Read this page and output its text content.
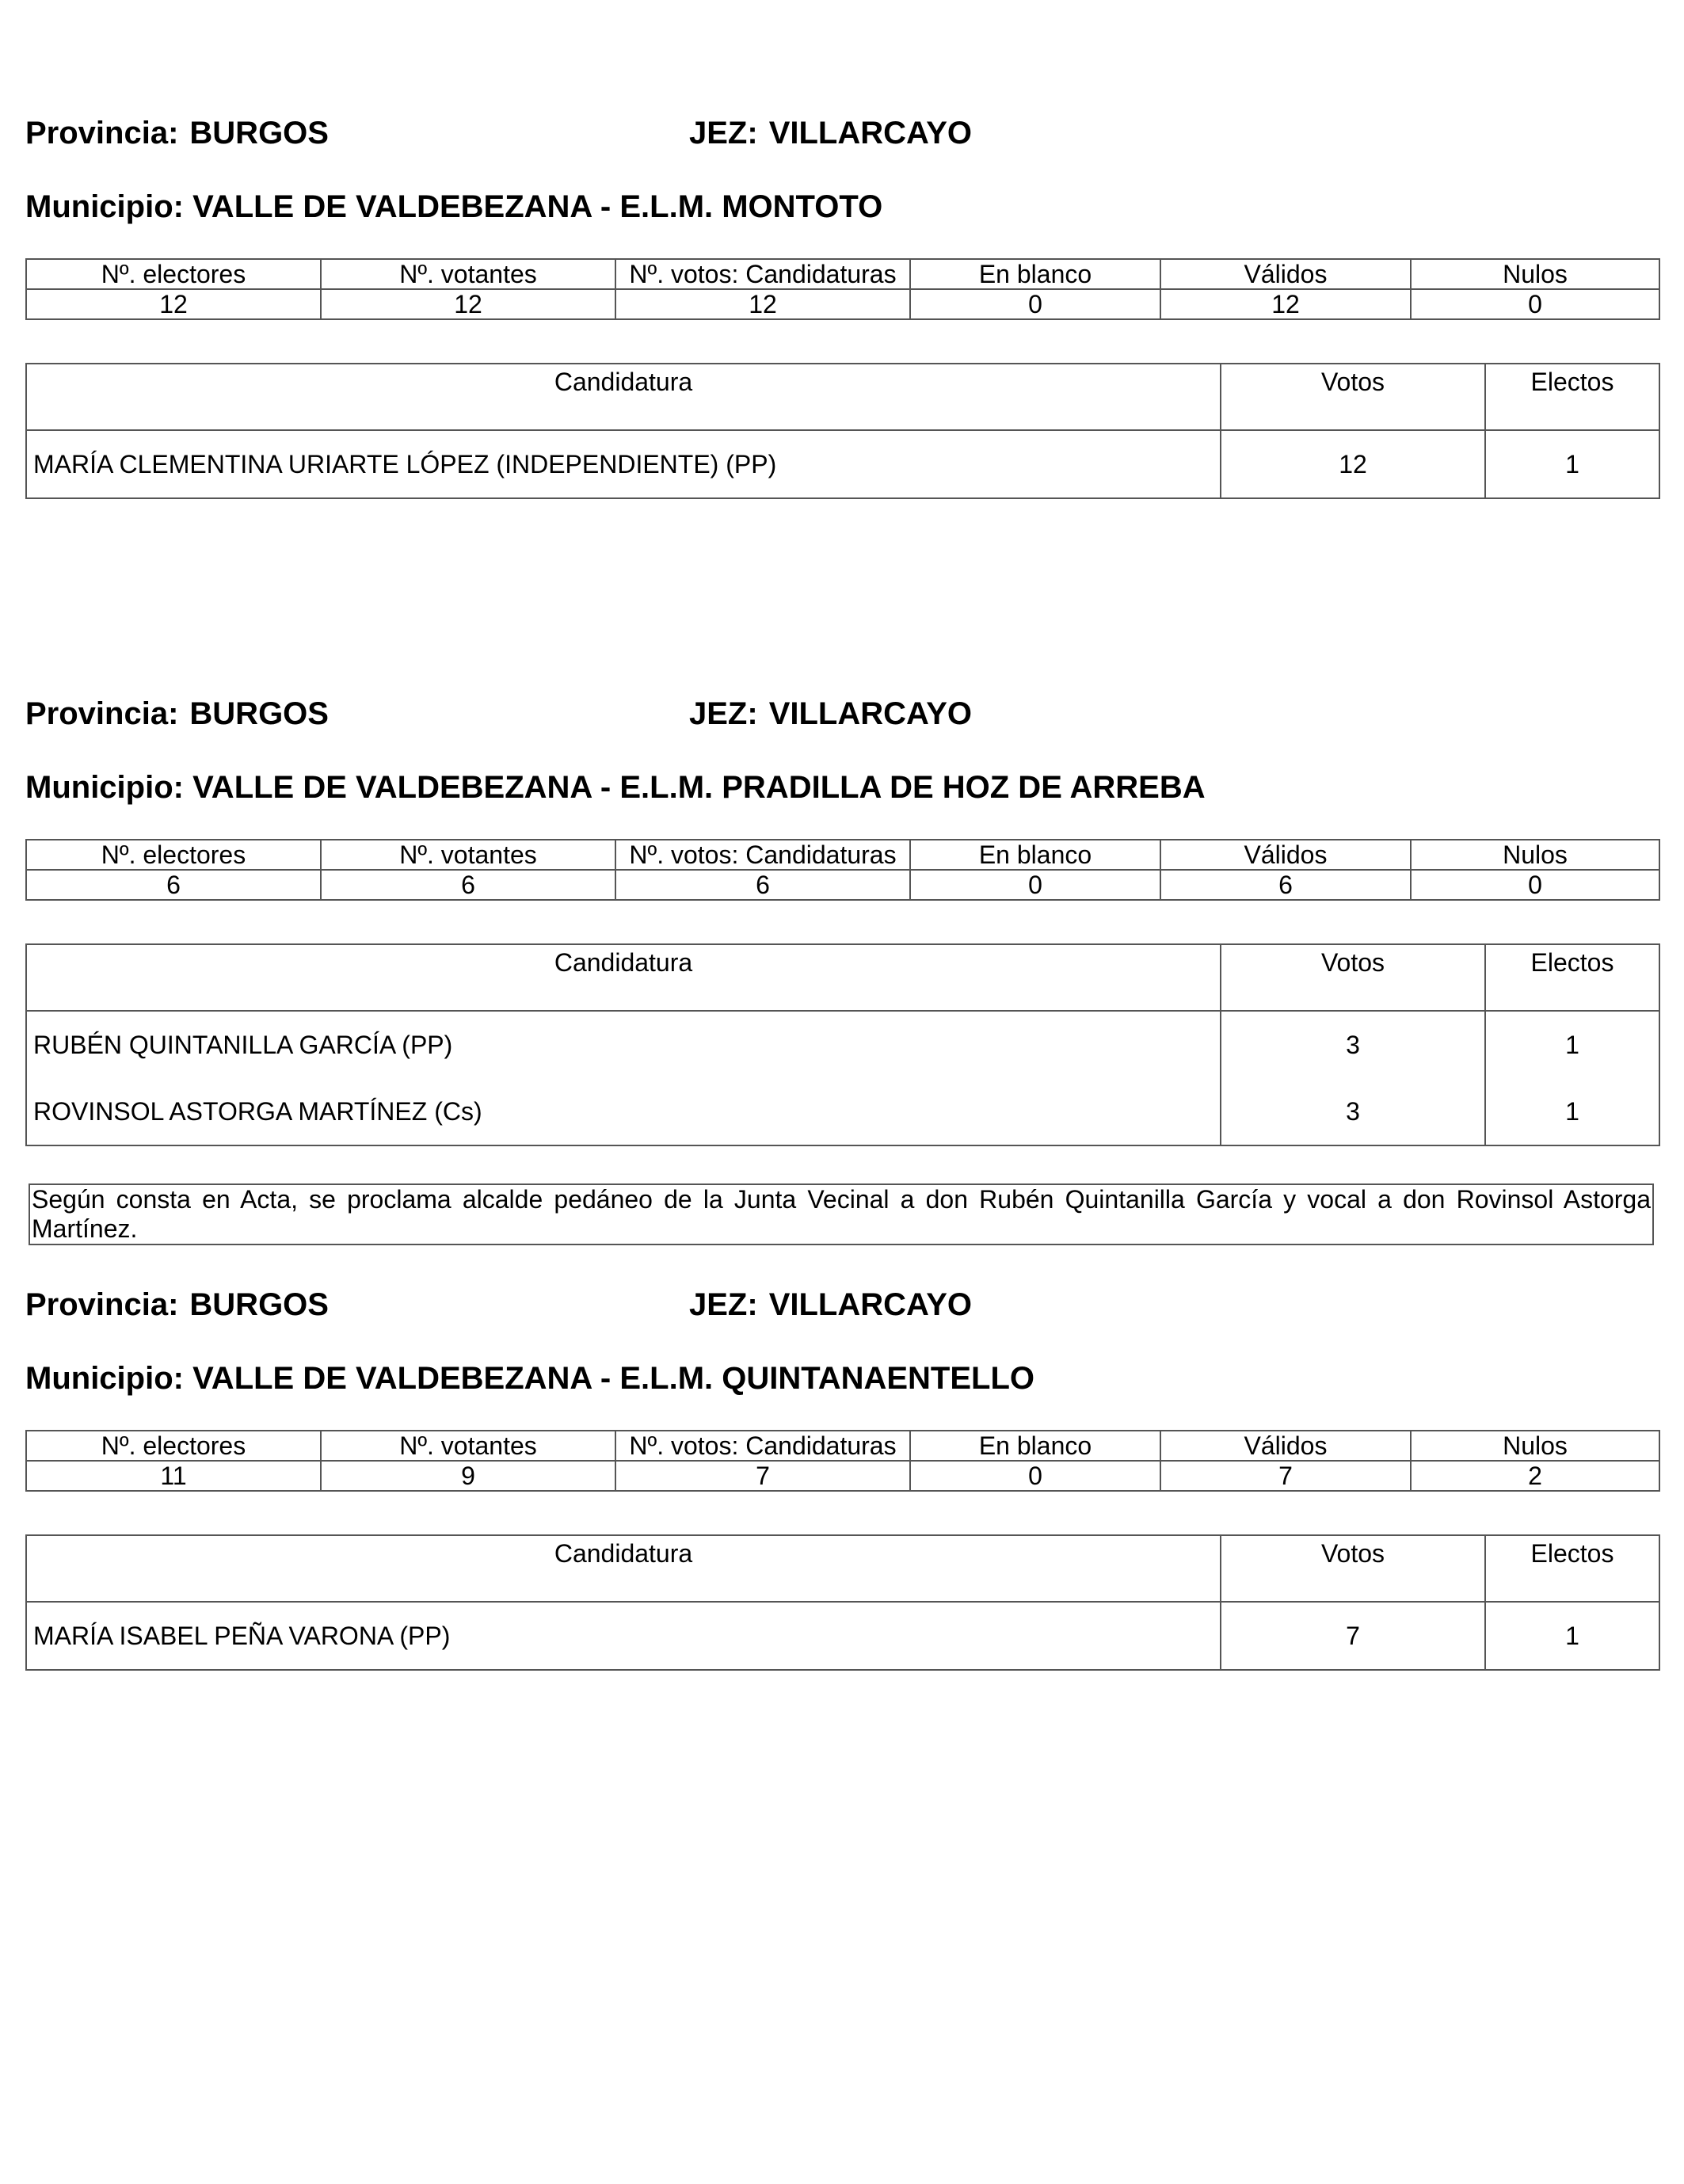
Provincia: BURGOS	JEZ: VILLARCAYO
Municipio: VALLE DE VALDEBEZANA - E.L.M. MONTOTO
Nº. electores	Nº. votantes	Nº. votos: Candidaturas	En blanco	Válidos	Nulos
12	12	12	0	12	0
Candidatura	Votos	Electos
MARÍA CLEMENTINA URIARTE LÓPEZ (INDEPENDIENTE) (PP)	12	1
Provincia: BURGOS	JEZ: VILLARCAYO
Municipio: VALLE DE VALDEBEZANA - E.L.M. PRADILLA DE HOZ DE ARREBA
Nº. electores	Nº. votantes	Nº. votos: Candidaturas	En blanco	Válidos	Nulos
6	6	6	0	6	0
Candidatura	Votos	Electos
RUBÉN QUINTANILLA GARCÍA (PP)	3	1
ROVINSOL ASTORGA MARTÍNEZ (Cs)	3	1
Según consta en Acta, se proclama alcalde pedáneo de la Junta Vecinal a don Rubén Quintanilla García y vocal a don Rovinsol Astorga Martínez.
Provincia: BURGOS	JEZ: VILLARCAYO
Municipio: VALLE DE VALDEBEZANA - E.L.M. QUINTANAENTELLO
Nº. electores	Nº. votantes	Nº. votos: Candidaturas	En blanco	Válidos	Nulos
11	9	7	0	7	2
Candidatura	Votos	Electos
MARÍA ISABEL PEÑA VARONA (PP)	7	1
